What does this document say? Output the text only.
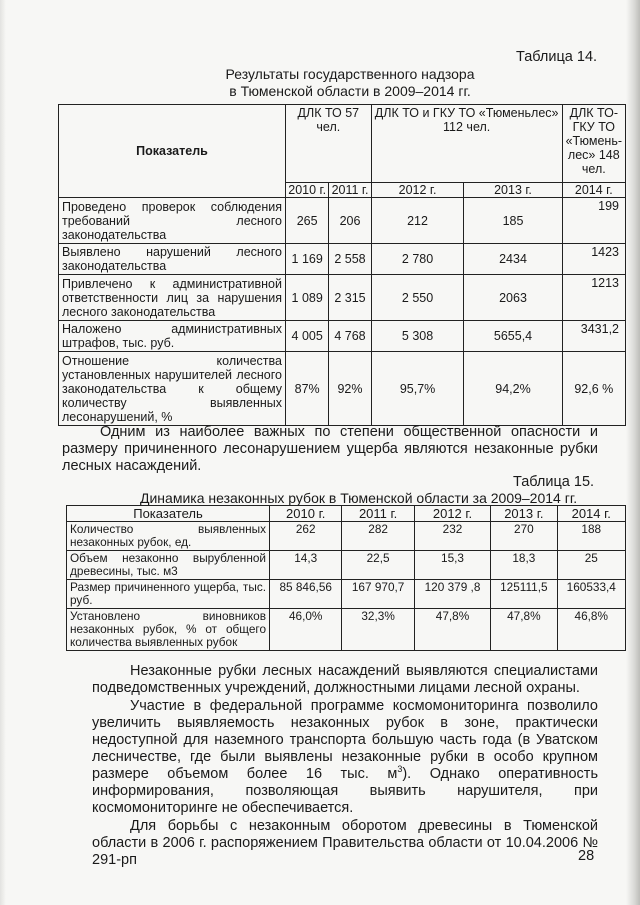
Таблица 14.
Результаты государственного надзора
в Тюменской области в 2009–2014 гг.
Показатель	ДЛК ТО 57 чел.		ДЛК ТО и ГКУ ТО «Тюменьлес» 112 чел.		ДЛК ТО-ГКУ ТО «Тюмень-лес» 148 чел.
	2010 г.	2011 г.	2012 г.	2013 г.	2014 г.
Проведено проверок соблюдения требований лесного законодательства	265	206	212	185	199
Выявлено нарушений лесного законодательства	1 169	2 558	2 780	2434	1423
Привлечено к административной ответственности лиц за нарушения лесного законодательства	1 089	2 315	2 550	2063	1213
Наложено административных штрафов, тыс. руб.	4 005	4 768	5 308	5655,4	3431,2
Отношение количества установленных нарушителей лесного законодательства к общему количеству выявленных лесонарушений, %	87%	92%	95,7%	94,2%	92,6 %
Одним из наиболее важных по степени общественной опасности и размеру причиненного лесонарушением ущерба являются незаконные рубки лесных насаждений.
Таблица 15.
Динамика незаконных рубок в Тюменской области за 2009–2014 гг.
Показатель	2010 г.	2011 г.	2012 г.	2013 г.	2014 г.
Количество выявленных незаконных рубок, ед.	262	282	232	270	188
Объем незаконно вырубленной древесины, тыс. м3	14,3	22,5	15,3	18,3	25
Размер причиненного ущерба, тыс. руб.	85 846,56	167 970,7	120 379 ,8	125111,5	160533,4
Установлено виновников незаконных рубок, % от общего количества выявленных рубок	46,0%	32,3%	47,8%	47,8%	46,8%

Незаконные рубки лесных насаждений выявляются специалистами подведомственных учреждений, должностными лицами лесной охраны.

Участие в федеральной программе космомониторинга позволило увеличить выявляемость незаконных рубок в зоне, практически недоступной для наземного транспорта большую часть года (в Уватском лесничестве, где были выявлены незаконные рубки в особо крупном размере объемом более 16 тыс. $м^3$). Однако оперативность информирования, позволяющая выявить нарушителя, при космомониторинге не обеспечивается.

Для борьбы с незаконным оборотом древесины в Тюменской области в 2006 г. распоряжением Правительства области от 10.04.2006 № 291-рп	28
